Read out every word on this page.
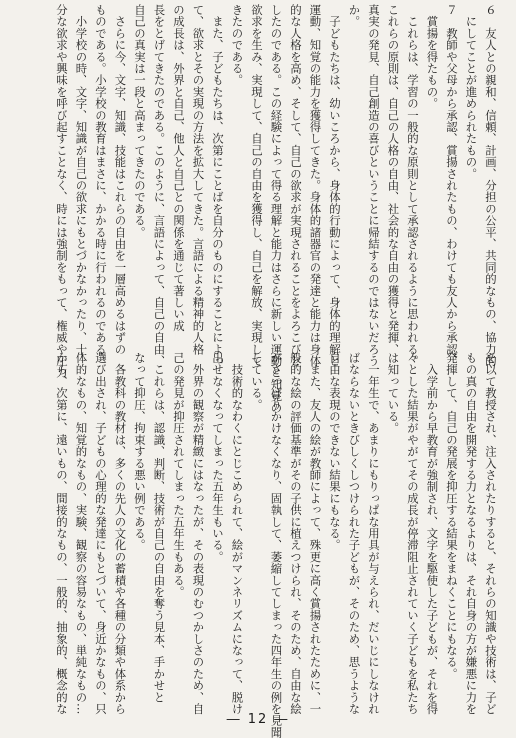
６　友人との親和、信頼、計画、分担の公平、共同的なもの、協力的
　にしてことが進められたもの。
７　教師や父母から承認、賞揚されたもの、わけても友人から承認、
　賞揚を得たもの。
　これらは、学習の一般的な原則として承認されるように思われる。
これらの原則は、自己の人格の自由、社会的な自由の獲得と発揮、
真実の発見、自己創造の喜びということに帰結するのではないだろう
か。
　子どもたちは、幼いころから、身体的行動によって、身体的理解と
運動、知覚の能力を獲得してきた。身体的諸器官の発達と能力は身体
的な人格を高め、そして、自己の欲求が実現されることをよろこびと
したのである。この経験によって得る理解と能力はさらに新しい運動と知覚の
欲求を生み、実現して、自己の自由を獲得し、自己を解放、実現して
きたのである。
　また、子どもたちは、次第にことばを自分のものにすることによっ
て、欲求とその実現の方法を拡大してきた。言語による精神的人格
の成長は、外界と自己、他人と自己との関係を通じて著しい成
長をとげてきたのである。このように、言語によって、自己の自由、
自己の真実は一段と高まってきたのである。
　さらに今、文字、知識、技能はこれらの自由を一層高めるはずの
ものである。小学校の教育はまさに、かかる時に行われるのである。
　小学校の時、文字、知識が自己の欲求にもとづかなかったり、十
分な欲求や興味を呼び起すことなく、時には強制をもって、権威や圧力
を以て教授され、注入されたりすると、それらの知識や技術は、子ど
もの真の自由を開発する力となるよりは、それ自身の方が嫌悪に力を
発揮して、自己の発展を抑圧する結果をまねくことにもなる。
　入学前から早教育が強制され、文字を駆使した子どもが、それを得
々とした結果がやがてその成長が停滞阻止されていく子どもを私たち
は知っている。
　一年生で、あまりにもりっぱな用具が与えられ、だいじにしなけれ
ばならないときびしくしつけられた子どもが、そのため、思うような
自由な表現のできない結果にもなる。
　また、友人の絵が教師によって、殊更に高く賞揚されたために、一
般的な絵の評価基準がその子供に植えつけられ、そのため、自由な絵
がさっぱりかけなくなり、固執して、萎縮してしまった四年生の例を見聞
している。
　技術的なわくにとじこめられて、絵がマンネリズムになって、脱け
出せなくなってしまった五年生もいる。
　外界の観察が精緻にはなったが、その表現のむつかしさのため、自
己の発見が抑圧されてしまった五年生もある。
　これらは、認識、判断、技術が自己の自由を奪う見本、手かせと
なって抑圧、拘束する悪い例である。
　各教科の教材は、多くの先人の文化の蓄積や各種の分類や体系から
選び出され、子どもの心理的な発達にもとづいて、身近かなもの、只
体的なもの、知覚的なもの、実験、観察の容易なもの、単純なもの…
から、次第に、遠いもの、間接的なもの、一般的、抽象的、概念的な
― 12 ―
